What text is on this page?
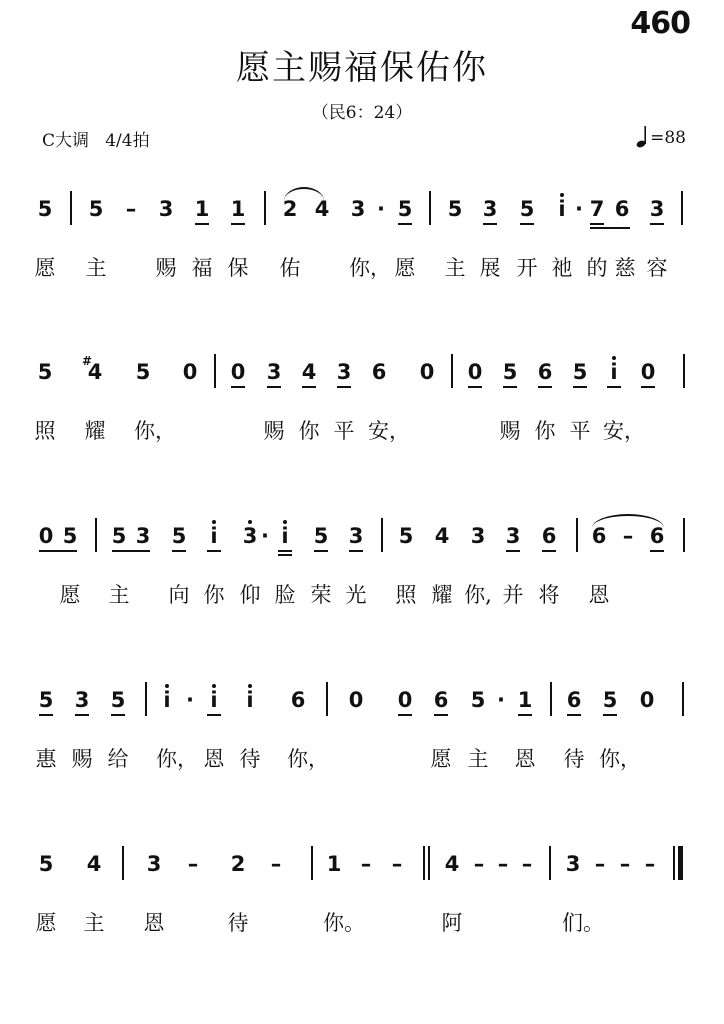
460
愿主赐福保佑你
（民6：24）
C大调 4/4拍	=88
5 5 – 3 1 1 2 4 3 · 5 5 3 5 i · 7 6 3
愿 主 赐 福 保 佑 你， 愿 主 展 开 祂 的 慈 容
5 #
4 5 0 0 3 4 3 6 0 0 5 6 5 i 0
照 耀 你，	赐 你 平 安，	赐 你 平 安，
0 5 5 3 5 i 3 · i 5 3 5 4 3 3 6 6 – 6
愿 主 向 你 仰 脸 荣 光 照 耀 你, 并 将 恩
5 3 5 i · i i 6 0 0 6 5 · 1 6 5 0
惠 赐 给 你， 恩 待 你，	愿 主 恩 待 你，
5 4 3 – 2 – 1 – – 4 – – – 3 – – –
愿 主 恩	待	你。	阿	们。
